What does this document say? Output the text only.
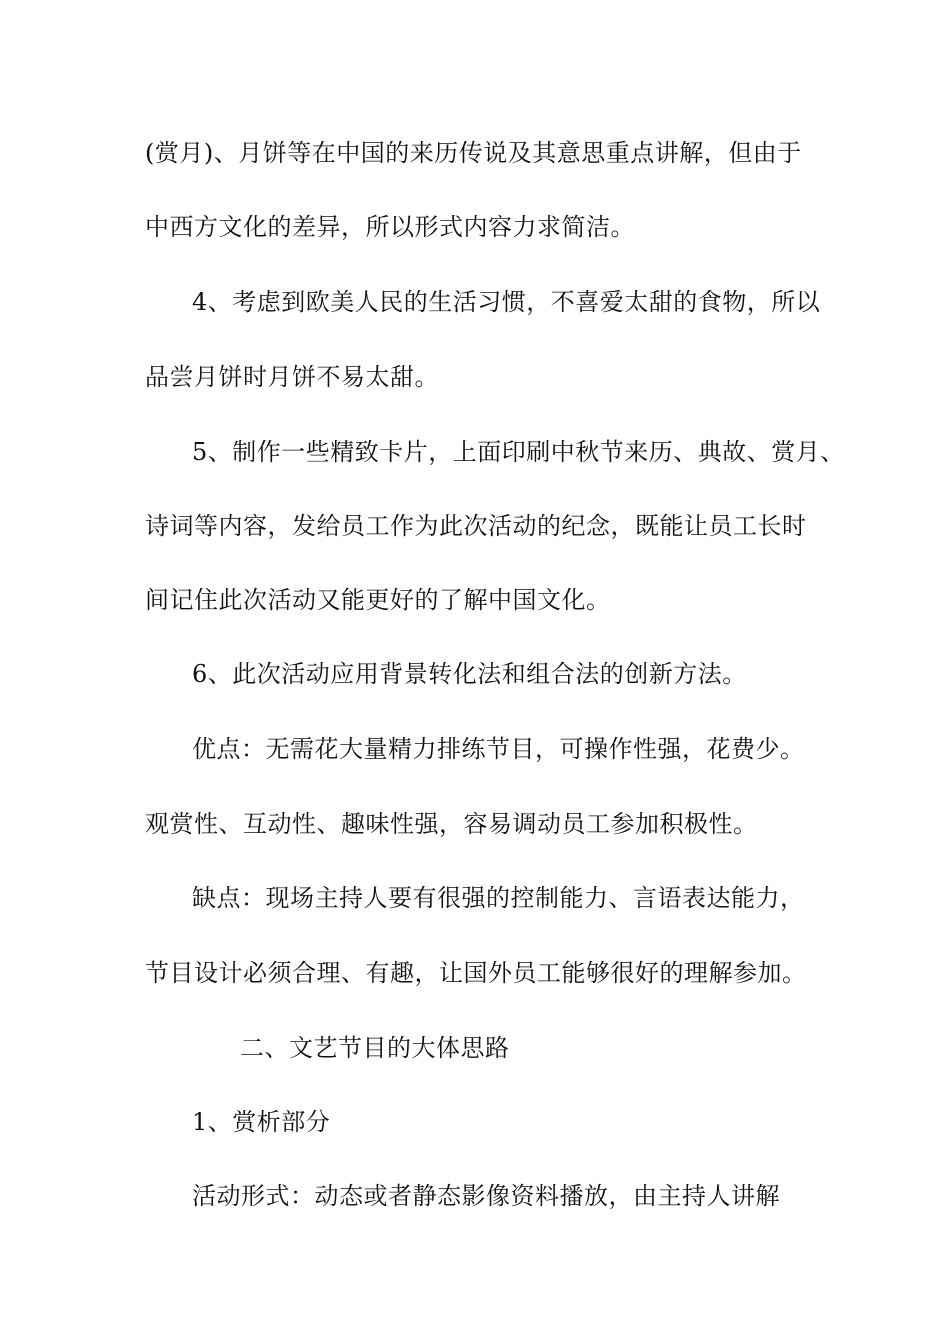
(赏月)、月饼等在中国的来历传说及其意思重点讲解，但由于
中西方文化的差异，所以形式内容力求简洁。
4、考虑到欧美人民的生活习惯，不喜爱太甜的食物，所以
品尝月饼时月饼不易太甜。
5、制作一些精致卡片，上面印刷中秋节来历、典故、赏月、
诗词等内容，发给员工作为此次活动的纪念，既能让员工长时
间记住此次活动又能更好的了解中国文化。
6、此次活动应用背景转化法和组合法的创新方法。
优点：无需花大量精力排练节目，可操作性强，花费少。
观赏性、互动性、趣味性强，容易调动员工参加积极性。
缺点：现场主持人要有很强的控制能力、言语表达能力，
节目设计必须合理、有趣，让国外员工能够很好的理解参加。
二、文艺节目的大体思路
1、赏析部分
活动形式：动态或者静态影像资料播放，由主持人讲解
